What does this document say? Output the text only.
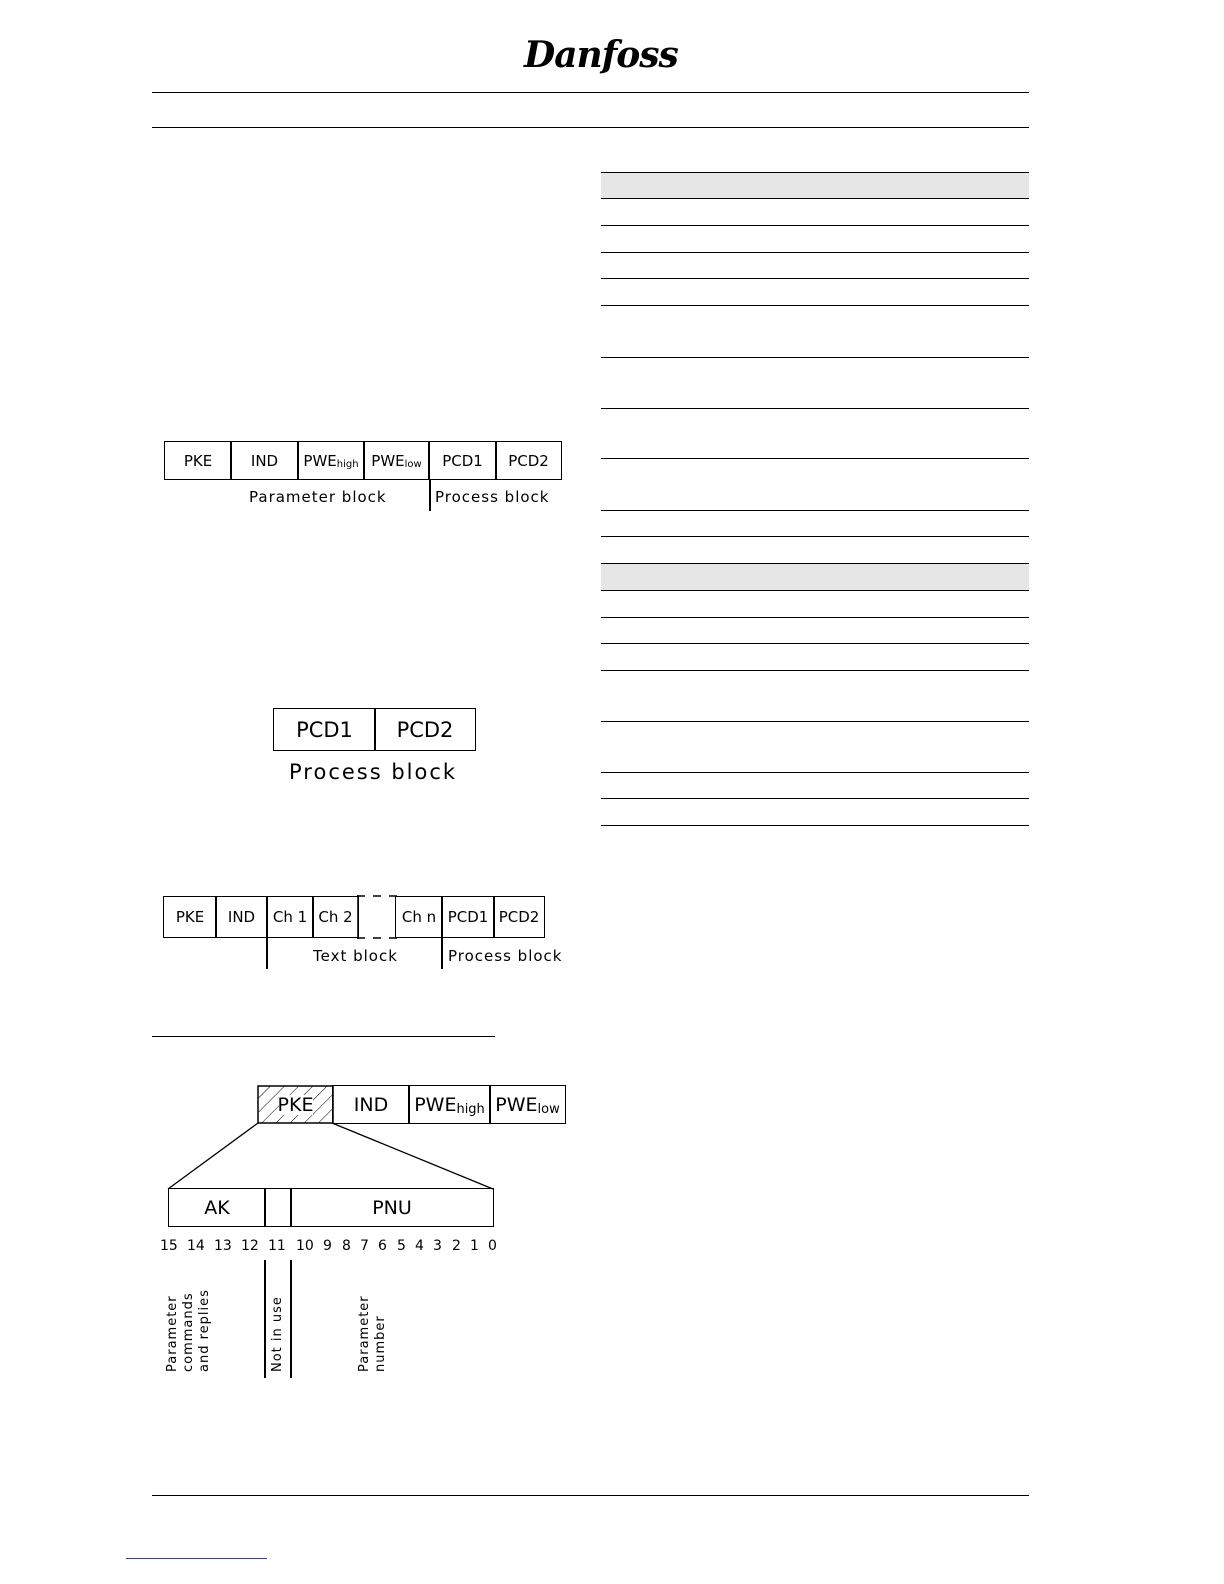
Danfoss
PKE	IND PWE high PWE low PCD1 PCD2
Parameter block	Process block
PCD1 PCD2
Process block
PKE IND Ch 1 Ch 2	Ch n PCD1 PCD2
Text block	Process block
PKE	IND PWE high PWE low
AK	PNU
15 14 13 12 11 10 9 8 7 6 5 4 3 2 1 0
Parameter commands and replies	Not in use	Parameter number
